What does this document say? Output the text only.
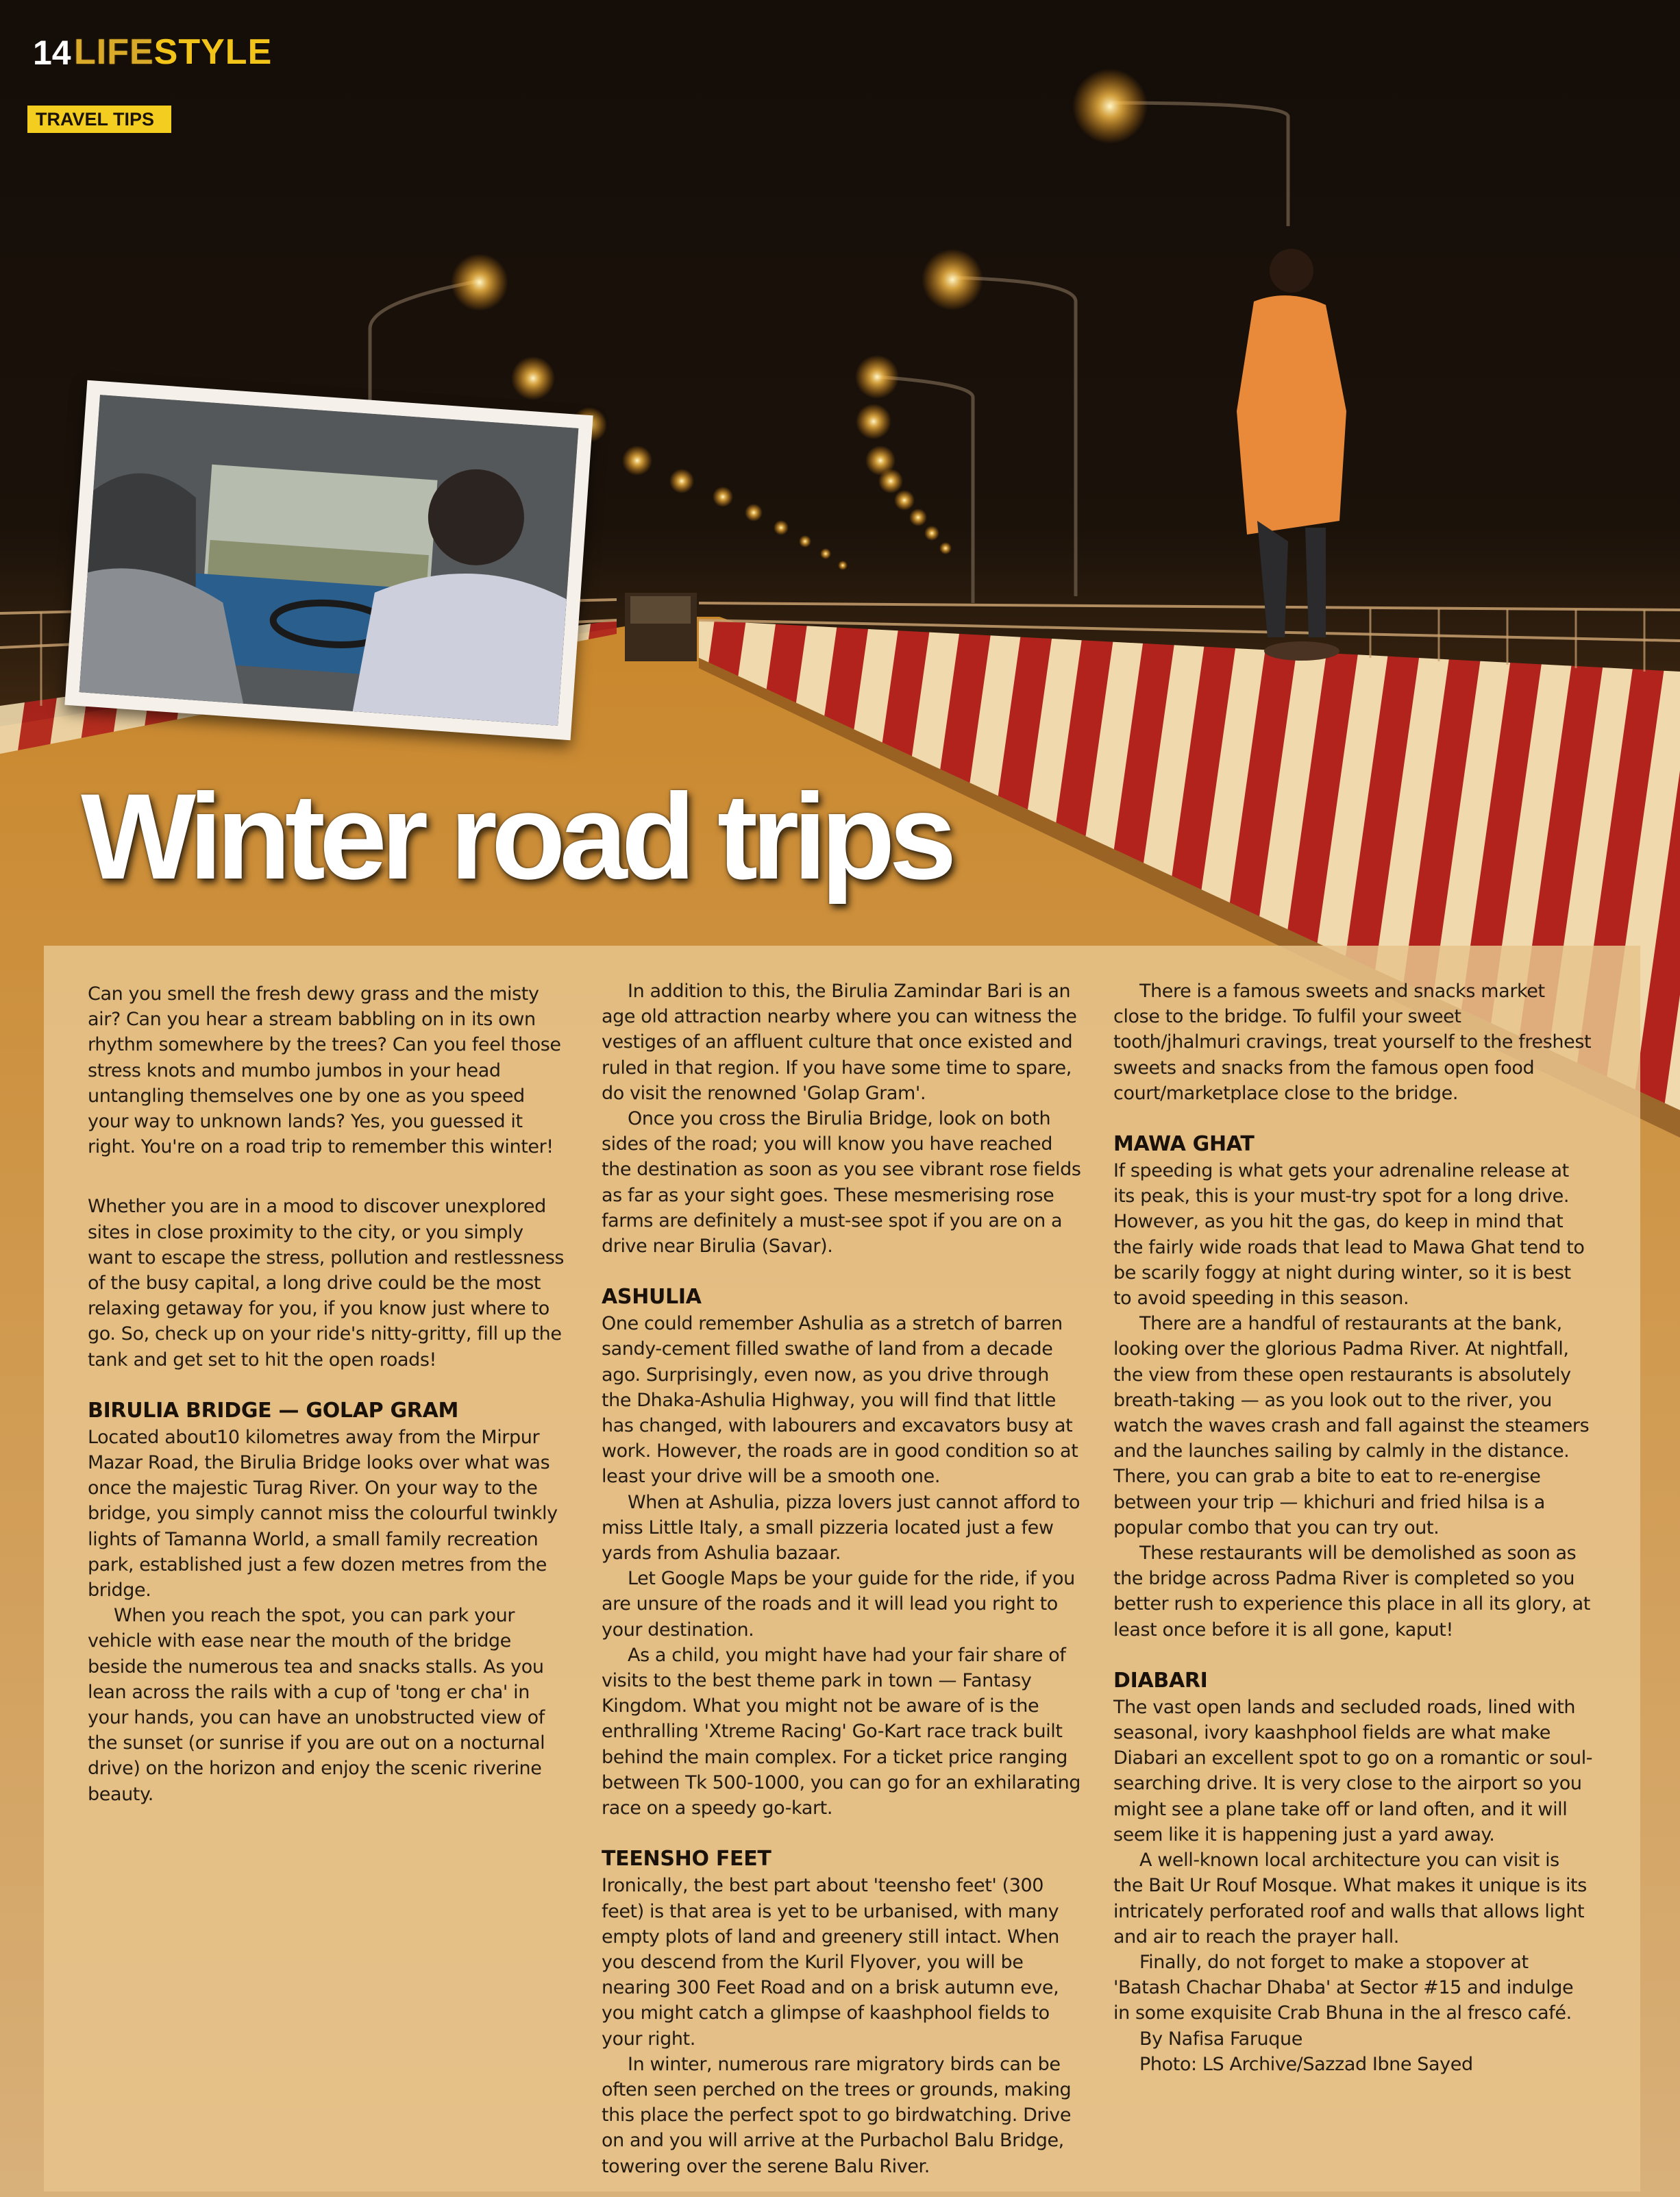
14 LIFESTYLE
TRAVEL TIPS
Winter road trips

Can you smell the fresh dewy grass and the misty air? Can you hear a stream babbling on in its own rhythm somewhere by the trees? Can you feel those stress knots and mumbo jumbos in your head untangling themselves one by one as you speed your way to unknown lands? Yes, you guessed it right. You're on a road trip to remember this winter!

Whether you are in a mood to discover unexplored sites in close proximity to the city, or you simply want to escape the stress, pollution and restlessness of the busy capital, a long drive could be the most relaxing getaway for you, if you know just where to go. So, check up on your ride's nitty-gritty, fill up the tank and get set to hit the open roads!

BIRULIA BRIDGE — GOLAP GRAM

Located about10 kilometres away from the Mirpur Mazar Road, the Birulia Bridge looks over what was once the majestic Turag River. On your way to the bridge, you simply cannot miss the colourful twinkly lights of Tamanna World, a small family recreation park, established just a few dozen metres from the bridge.

When you reach the spot, you can park your vehicle with ease near the mouth of the bridge beside the numerous tea and snacks stalls. As you lean across the rails with a cup of 'tong er cha' in your hands, you can have an unobstructed view of the sunset (or sunrise if you are out on a nocturnal drive) on the horizon and enjoy the scenic riverine beauty.

In addition to this, the Birulia Zamindar Bari is an age old attraction nearby where you can witness the vestiges of an affluent culture that once existed and ruled in that region. If you have some time to spare, do visit the renowned 'Golap Gram'.

Once you cross the Birulia Bridge, look on both sides of the road; you will know you have reached the destination as soon as you see vibrant rose fields as far as your sight goes. These mesmerising rose farms are definitely a must-see spot if you are on a drive near Birulia (Savar).

ASHULIA

One could remember Ashulia as a stretch of barren sandy-cement filled swathe of land from a decade ago. Surprisingly, even now, as you drive through the Dhaka-Ashulia Highway, you will find that little has changed, with labourers and excavators busy at work. However, the roads are in good condition so at least your drive will be a smooth one.

When at Ashulia, pizza lovers just cannot afford to miss Little Italy, a small pizzeria located just a few yards from Ashulia bazaar.

Let Google Maps be your guide for the ride, if you are unsure of the roads and it will lead you right to your destination.

As a child, you might have had your fair share of visits to the best theme park in town — Fantasy Kingdom. What you might not be aware of is the enthralling 'Xtreme Racing' Go-Kart race track built behind the main complex. For a ticket price ranging between Tk 500-1000, you can go for an exhilarating race on a speedy go-kart.

TEENSHO FEET

Ironically, the best part about 'teensho feet' (300 feet) is that area is yet to be urbanised, with many empty plots of land and greenery still intact. When you descend from the Kuril Flyover, you will be nearing 300 Feet Road and on a brisk autumn eve, you might catch a glimpse of kaashphool fields to your right.

In winter, numerous rare migratory birds can be often seen perched on the trees or grounds, making this place the perfect spot to go birdwatching. Drive on and you will arrive at the Purbachol Balu Bridge, towering over the serene Balu River.

There is a famous sweets and snacks market close to the bridge. To fulfil your sweet tooth/jhalmuri cravings, treat yourself to the freshest sweets and snacks from the famous open food court/marketplace close to the bridge.

MAWA GHAT

If speeding is what gets your adrenaline release at its peak, this is your must-try spot for a long drive. However, as you hit the gas, do keep in mind that the fairly wide roads that lead to Mawa Ghat tend to be scarily foggy at night during winter, so it is best to avoid speeding in this season.

There are a handful of restaurants at the bank, looking over the glorious Padma River. At nightfall, the view from these open restaurants is absolutely breath-taking — as you look out to the river, you watch the waves crash and fall against the steamers and the launches sailing by calmly in the distance. There, you can grab a bite to eat to re-energise between your trip — khichuri and fried hilsa is a popular combo that you can try out.

These restaurants will be demolished as soon as the bridge across Padma River is completed so you better rush to experience this place in all its glory, at least once before it is all gone, kaput!

DIABARI

The vast open lands and secluded roads, lined with seasonal, ivory kaashphool fields are what make Diabari an excellent spot to go on a romantic or soul-searching drive. It is very close to the airport so you might see a plane take off or land often, and it will seem like it is happening just a yard away.

A well-known local architecture you can visit is the Bait Ur Rouf Mosque. What makes it unique is its intricately perforated roof and walls that allows light and air to reach the prayer hall.

Finally, do not forget to make a stopover at 'Batash Chachar Dhaba' at Sector #15 and indulge in some exquisite Crab Bhuna in the al fresco café.

By Nafisa Faruque

Photo: LS Archive/Sazzad Ibne Sayed
